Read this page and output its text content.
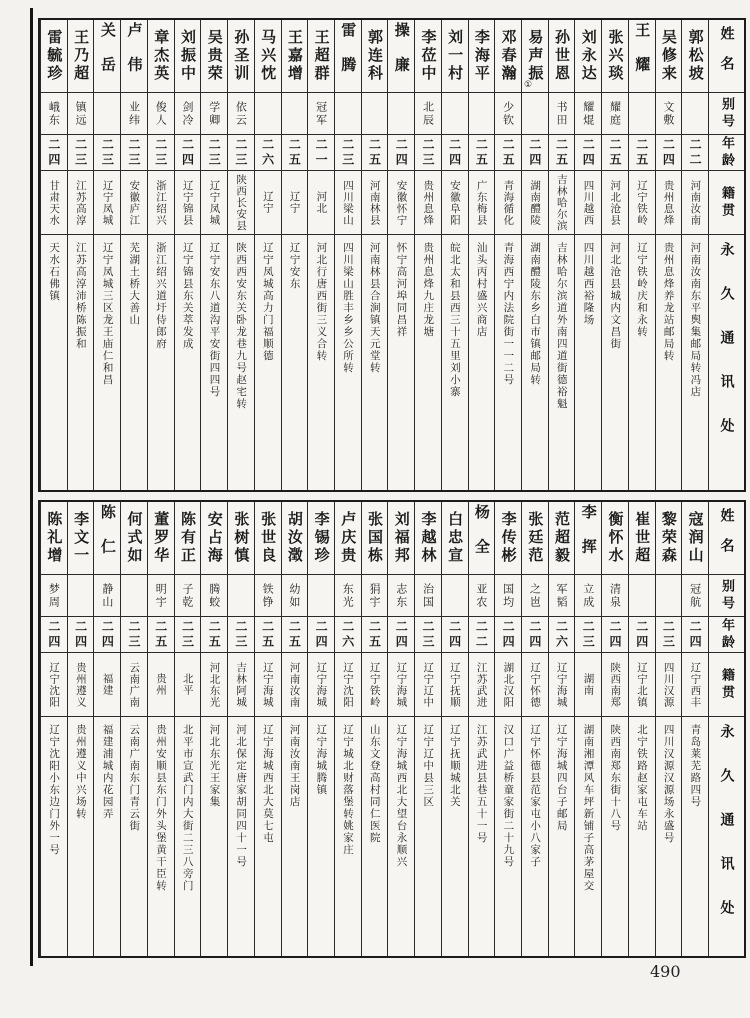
姓名
别号
年龄
籍贯
永久通讯处
郭松坡
二二
河南汝南
河南汝南东平舆集邮局转冯店
吴修来
文敷
二四
贵州息烽
贵州息烽养龙站邮局转
王耀
二五
辽宁铁岭
辽宁铁岭庆和永转
张兴琰
耀庭
二五
河北沧县
河北沧县城内文昌街
刘永达
耀焜
二四
四川越西
四川越西裕隆场
孙世恩
书田
二五
吉林哈尔滨
吉林哈尔滨道外南四道街德裕魁
易声振
①
二四
湖南醴陵
湖南醴陵东乡白市镇邮局转
邓春瀚
少钦
二五
青海循化
青海西宁内法院街一一二号
李海平
二五
广东梅县
汕头丙村盛兴商店
刘一村
二四
安徽阜阳
皖北太和县西三十五里刘小寨
李莅中
北辰
二三
贵州息烽
贵州息烽九庄龙塘
操廉
二四
安徽怀宁
怀宁高河埠同昌祥
郭连科
二五
河南林县
河南林县合涧镇天元堂转
雷腾
二三
四川梁山
四川梁山胜丰乡乡公所转
王超群
冠军
二一
河北
河北行唐西街三义合转
王嘉增
二五
辽宁
辽宁安东
马兴忱
二六
辽宁
辽宁凤城高力门福顺德
孙圣训
依云
二三
陕西长安县
陕西西安东关卧龙巷九号赵宅转
吴贵荣
学卿
二三
辽宁凤城
辽宁安东八道沟平安街四四号
刘振中
剑冷
二四
辽宁锦县
辽宁锦县东关萃发成
章杰英
俊人
二三
浙江绍兴
浙江绍兴道圩侍郎府
卢伟
业纬
二三
安徽庐江
芜湖土桥大善山
关岳
二三
辽宁凤城
辽宁凤城三区龙王庙仁和昌
王乃超
镇远
二三
江苏高淳
江苏高淳沛桥陈振和
雷毓珍
峨东
二四
甘肃天水
天水石佛镇
姓名
别号
年龄
籍贯
永久通讯处
寇润山
冠航
二四
辽宁西丰
青岛莱芜路四号
黎荣森
二三
四川汉源
四川汉源汉源场永盛号
崔世超
二四
辽宁北镇
北宁铁路赵家屯车站
衡怀水
清泉
二四
陕西南郑
陕西南郑东街十八号
李挥
立成
二三
湖南
湖南湘潭风车坪新铺子高茅屋交
范超毅
军韬
二六
辽宁海城
辽宁海城四台子邮局
张廷范
之岜
二四
辽宁怀德
辽宁怀德县范家屯小八家子
李传彬
国均
二四
湖北汉阳
汉口广益桥童家街二十九号
杨全
亚农
二二
江苏武进
江苏武进县巷五十一号
白忠宣
二四
辽宁抚顺
辽宁抚顺城北关
李越林
治国
二三
辽宁辽中
辽宁辽中县三区
刘福邦
志东
二四
辽宁海城
辽宁海城西北大望台永顺兴
张国栋
狷宇
二五
辽宁铁岭
山东文登高村同仁医院
卢庆贵
东光
二六
辽宁沈阳
辽宁城北财落堡转姚家庄
李锡珍
二四
辽宁海城
辽宁海城腾镇
胡汝澂
幼如
二五
河南汝南
河南汝南王岗店
张世良
铁铮
二五
辽宁海城
辽宁海城西北大莫七屯
张树慎
二三
吉林阿城
河北保定唐家胡同四十一号
安占海
腾蛟
二五
河北东光
河北东光王家集
陈有正
子乾
二三
北平
北平市宣武门内大街二三八旁门
董罗华
明宇
二五
贵州
贵州安顺县东门外头堡黄干臣转
何式如
二三
云南广南
云南广南东门青云街
陈仁
静山
二四
福建
福建浦城内花园弄
李文一
二四
贵州遵义
贵州遵义中兴场转
陈礼增
梦周
二四
辽宁沈阳
辽宁沈阳小东边门外一号
490
